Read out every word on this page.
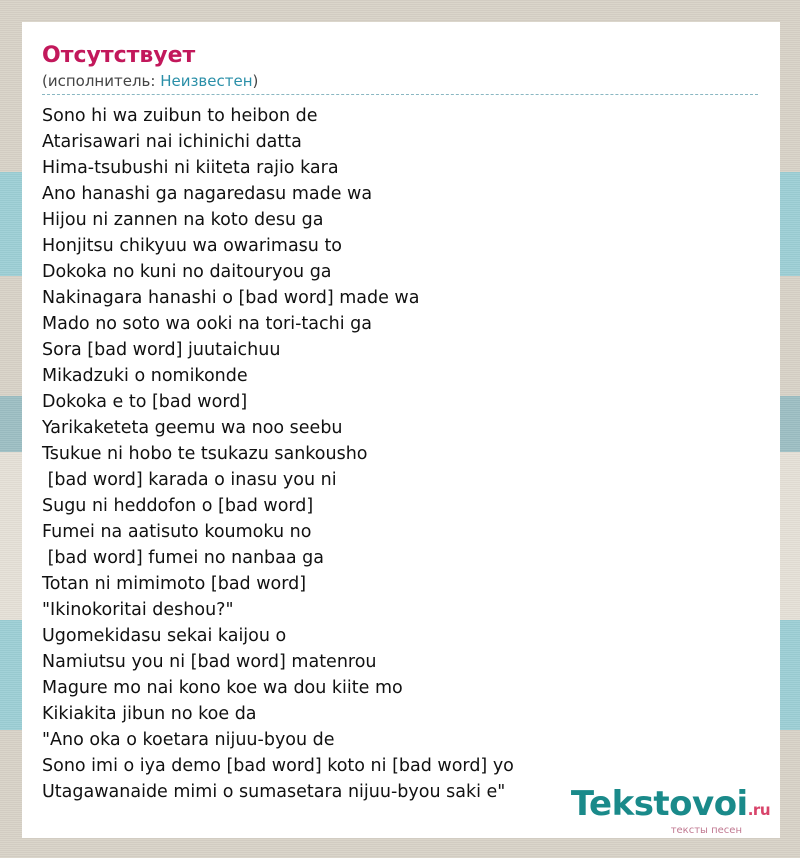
Отсутствует
(исполнитель: Неизвестен)
Sono hi wa zuibun to heibon de
Atarisawari nai ichinichi datta
Hima-tsubushi ni kiiteta rajio kara
Ano hanashi ga nagaredasu made wa
Hijou ni zannen na koto desu ga
Honjitsu chikyuu wa owarimasu to
Dokoka no kuni no daitouryou ga
Nakinagara hanashi o [bad word] made wa
Mado no soto wa ooki na tori-tachi ga
Sora [bad word] juutaichuu
Mikadzuki o nomikonde
Dokoka e to [bad word]
Yarikaketeta geemu wa noo seebu
Tsukue ni hobo te tsukazu sankousho
[bad word] karada o inasu you ni
Sugu ni heddofon o [bad word]
Fumei na aatisuto koumoku no
[bad word] fumei no nanbaa ga
Totan ni mimimoto [bad word]
"Ikinokoritai deshou?"
Ugomekidasu sekai kaijou o
Namiutsu you ni [bad word] matenrou
Magure mo nai kono koe wa dou kiite mo
Kikiakita jibun no koe da
"Ano oka o koetara nijuu-byou de
Sono imi o iya demo [bad word] koto ni [bad word] yo
Utagawanaide mimi o sumasetara nijuu-byou saki e"	Tekstovoi.ru
тексты песен
